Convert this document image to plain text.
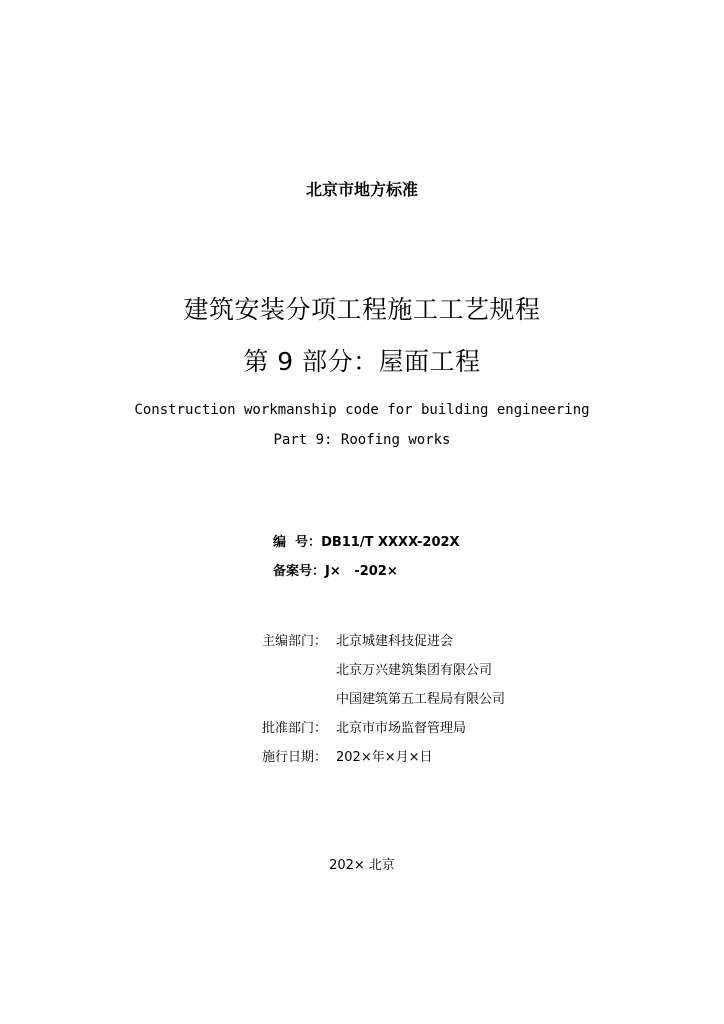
北京市地方标准
建筑安装分项工程施工工艺规程
第 9 部分：屋面工程
Construction workmanship code for building engineering
Part 9: Roofing works
编  号：DB11/T XXXX-202X
备案号：J×   -202×
主编部门： 北京城建科技促进会
北京万兴建筑集团有限公司
中国建筑第五工程局有限公司
批准部门： 北京市市场监督管理局
施行日期： 202×年×月×日
202× 北京
